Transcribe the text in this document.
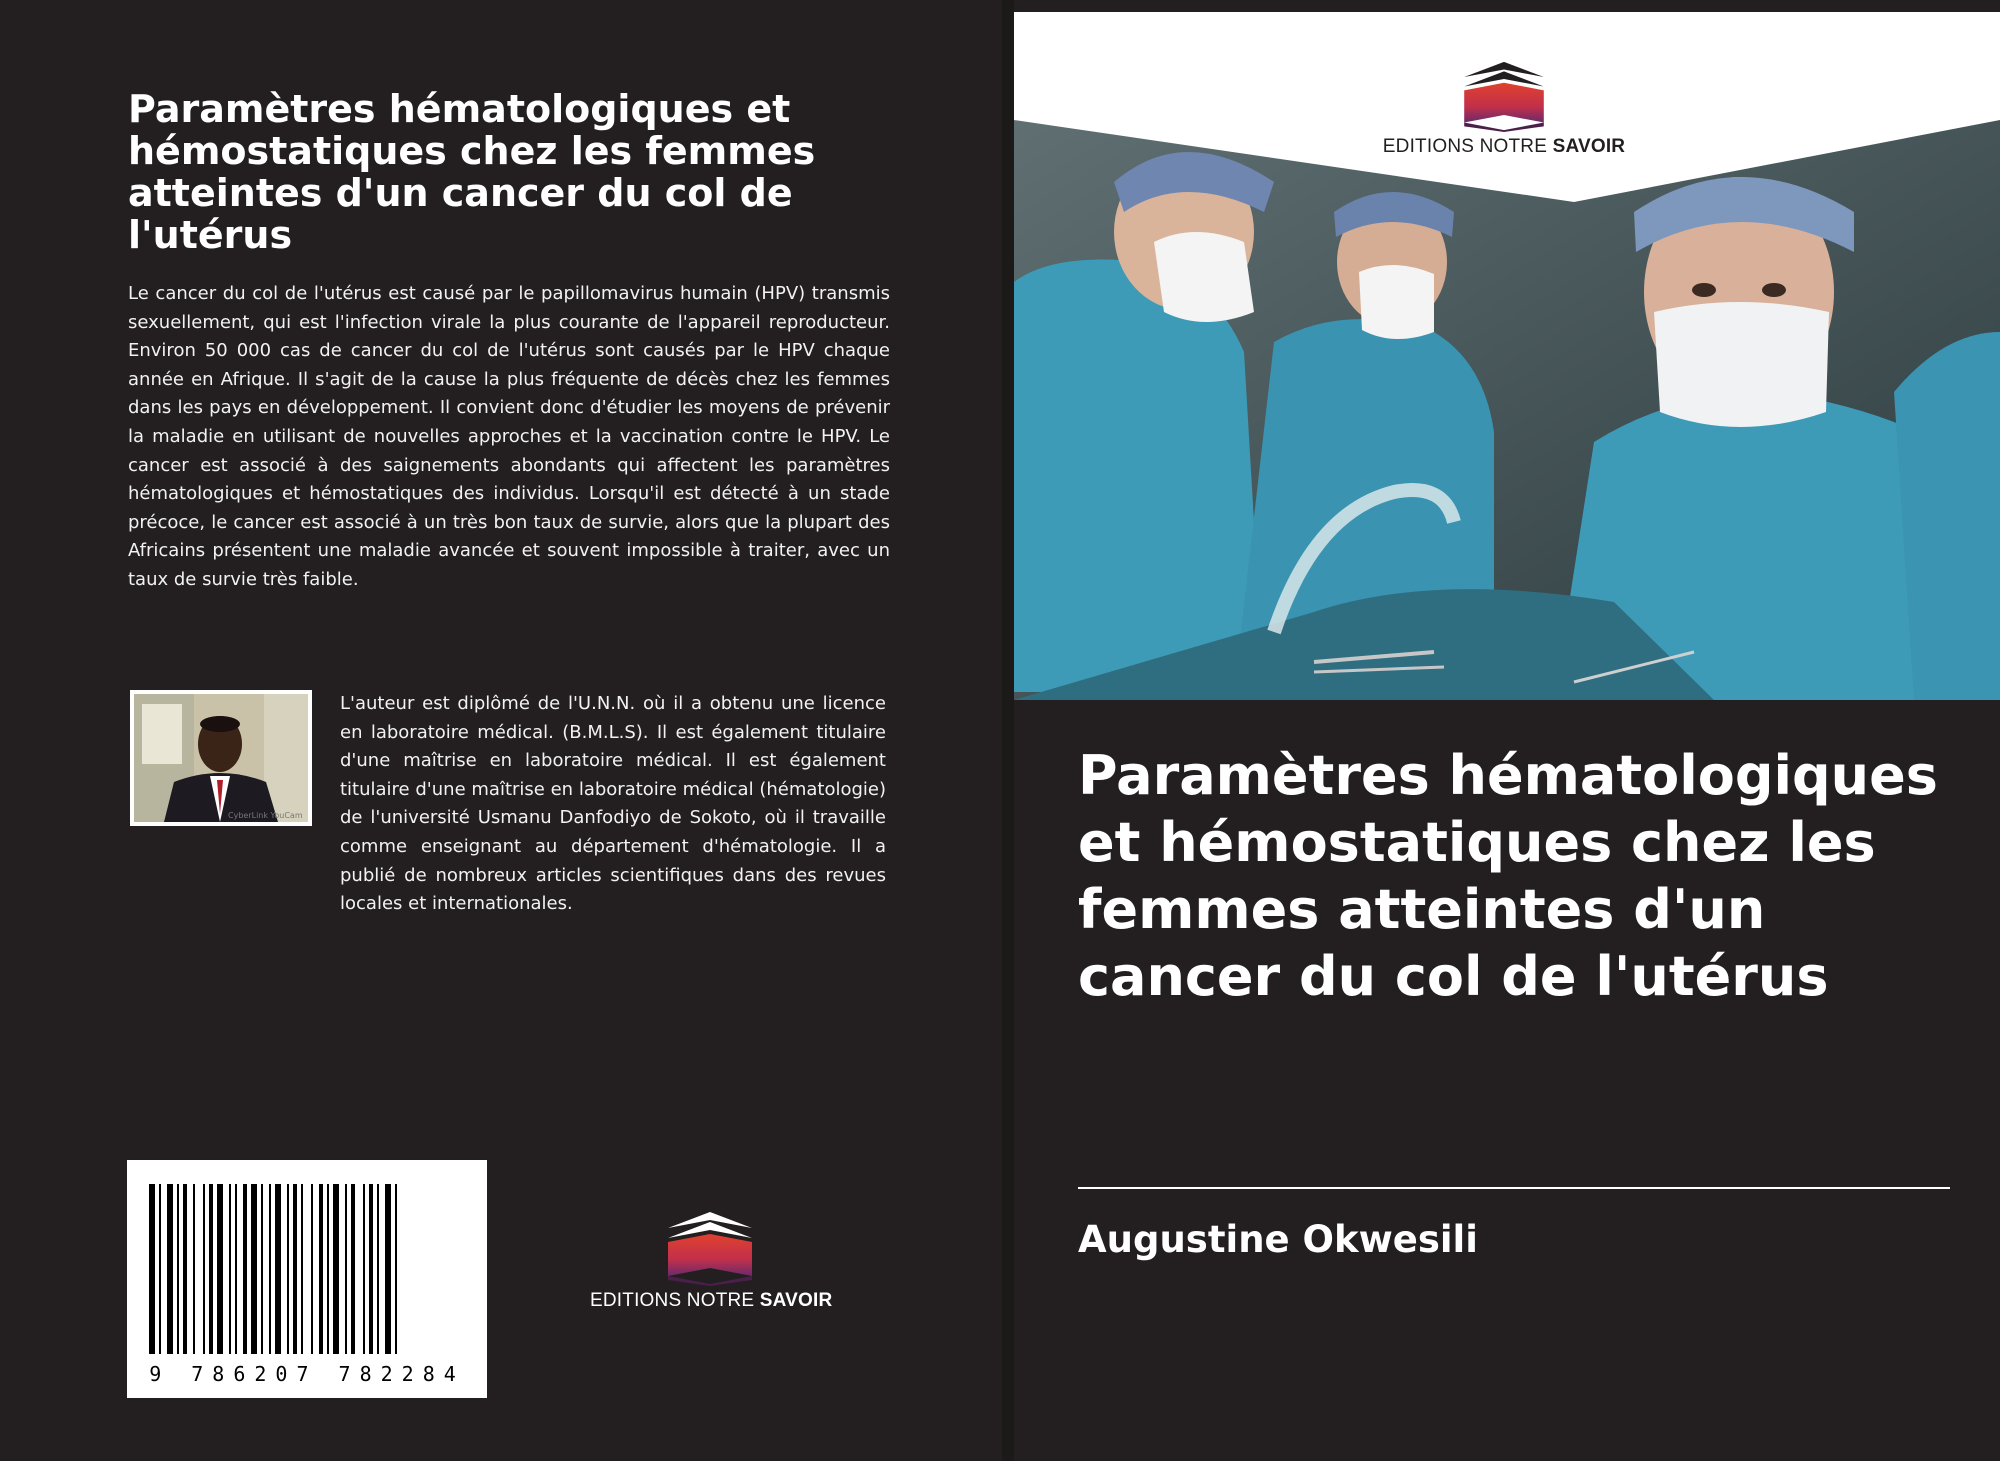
Paramètres hématologiques et hémostatiques chez les femmes atteintes d'un cancer du col de l'utérus

Le cancer du col de l'utérus est causé par le papillomavirus humain (HPV) transmis sexuellement, qui est l'infection virale la plus courante de l'appareil reproducteur. Environ 50 000 cas de cancer du col de l'utérus sont causés par le HPV chaque année en Afrique. Il s'agit de la cause la plus fréquente de décès chez les femmes dans les pays en développement. Il convient donc d'étudier les moyens de prévenir la maladie en utilisant de nouvelles approches et la vaccination contre le HPV. Le cancer est associé à des saignements abondants qui affectent les paramètres hématologiques et hémostatiques des individus. Lorsqu'il est détecté à un stade précoce, le cancer est associé à un très bon taux de survie, alors que la plupart des Africains présentent une maladie avancée et souvent impossible à traiter, avec un taux de survie très faible.

CyberLink YouCam

L'auteur est diplômé de l'U.N.N. où il a obtenu une licence en laboratoire médical. (B.M.L.S). Il est également titulaire d'une maîtrise en laboratoire médical. Il est également titulaire d'une maîtrise en laboratoire médical (hématologie) de l'université Usmanu Danfodiyo de Sokoto, où il travaille comme enseignant au département d'hématologie. Il a publié de nombreux articles scientifiques dans des revues locales et internationales.

9 786207 782284
EDITIONS NOTRE SAVOIR
EDITIONS NOTRE SAVOIR
Paramètres hématologiques et hémostatiques chez les femmes atteintes d'un cancer du col de l'utérus
Augustine Okwesili
